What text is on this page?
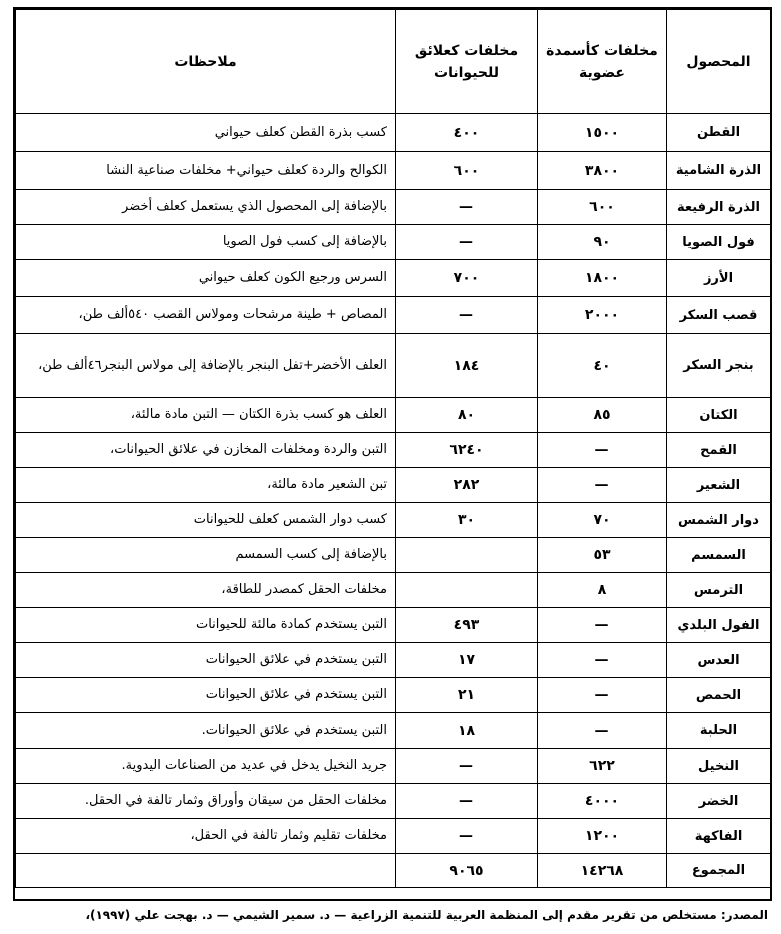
المحصول	مخلفات كأسمدة عضوية	مخلفات كعلائق للحيوانات	ملاحظات
القطن	١٥٠٠	٤٠٠	كسب بذرة القطن كعلف حيواني
الذرة الشامية	٣٨٠٠	٦٠٠	الكوالح والردة كعلف حيواني+ مخلفات صناعية النشا
الذرة الرفيعة	٦٠٠	—	بالإضافة إلى المحصول الذي يستعمل كعلف أخضر
فول الصويا	٩٠	—	بالإضافة إلى كسب فول الصويا
الأرز	١٨٠٠	٧٠٠	السرس ورجيع الكون كعلف حيواني
قصب السكر	٢٠٠٠	—	المصاص + طينة مرشحات ومولاس القصب ٥٤٠ألف طن،
بنجر السكر	٤٠	١٨٤	العلف الأخضر+تفل البنجر بالإضافة إلى مولاس البنجر٤٦ألف طن،
الكتان	٨٥	٨٠	العلف هو كسب بذرة الكتان — التبن مادة مالئة،
القمح	—	٦٢٤٠	التبن والردة ومخلفات المخازن في علائق الحيوانات،
الشعير	—	٢٨٢	تبن الشعير مادة مالئة،
دوار الشمس	٧٠	٣٠	كسب دوار الشمس كعلف للحيوانات
السمسم	٥٣		بالإضافة إلى كسب السمسم
الترمس	٨		مخلفات الحقل كمصدر للطاقة،
الفول البلدي	—	٤٩٣	التبن يستخدم كمادة مالئة للحيوانات
العدس	—	١٧	التبن يستخدم في علائق الحيوانات
الحمص	—	٢١	التبن يستخدم في علائق الحيوانات
الحلبة	—	١٨	التبن يستخدم في علائق الحيوانات.
النخيل	٦٢٢	—	جريد النخيل يدخل في عديد من الصناعات اليدوية.
الخضر	٤٠٠٠	—	مخلفات الحقل من سيقان وأوراق وثمار تالفة في الحقل.
الفاكهة	١٢٠٠	—	مخلفات تقليم وثمار تالفة في الحقل،
المجموع	١٤٢٦٨	٩٠٦٥	
المصدر: مستخلص من تقرير مقدم إلى المنظمة العربية للتنمية الزراعية — د. سمير الشيمي — د. بهجت علي (١٩٩٧)،
